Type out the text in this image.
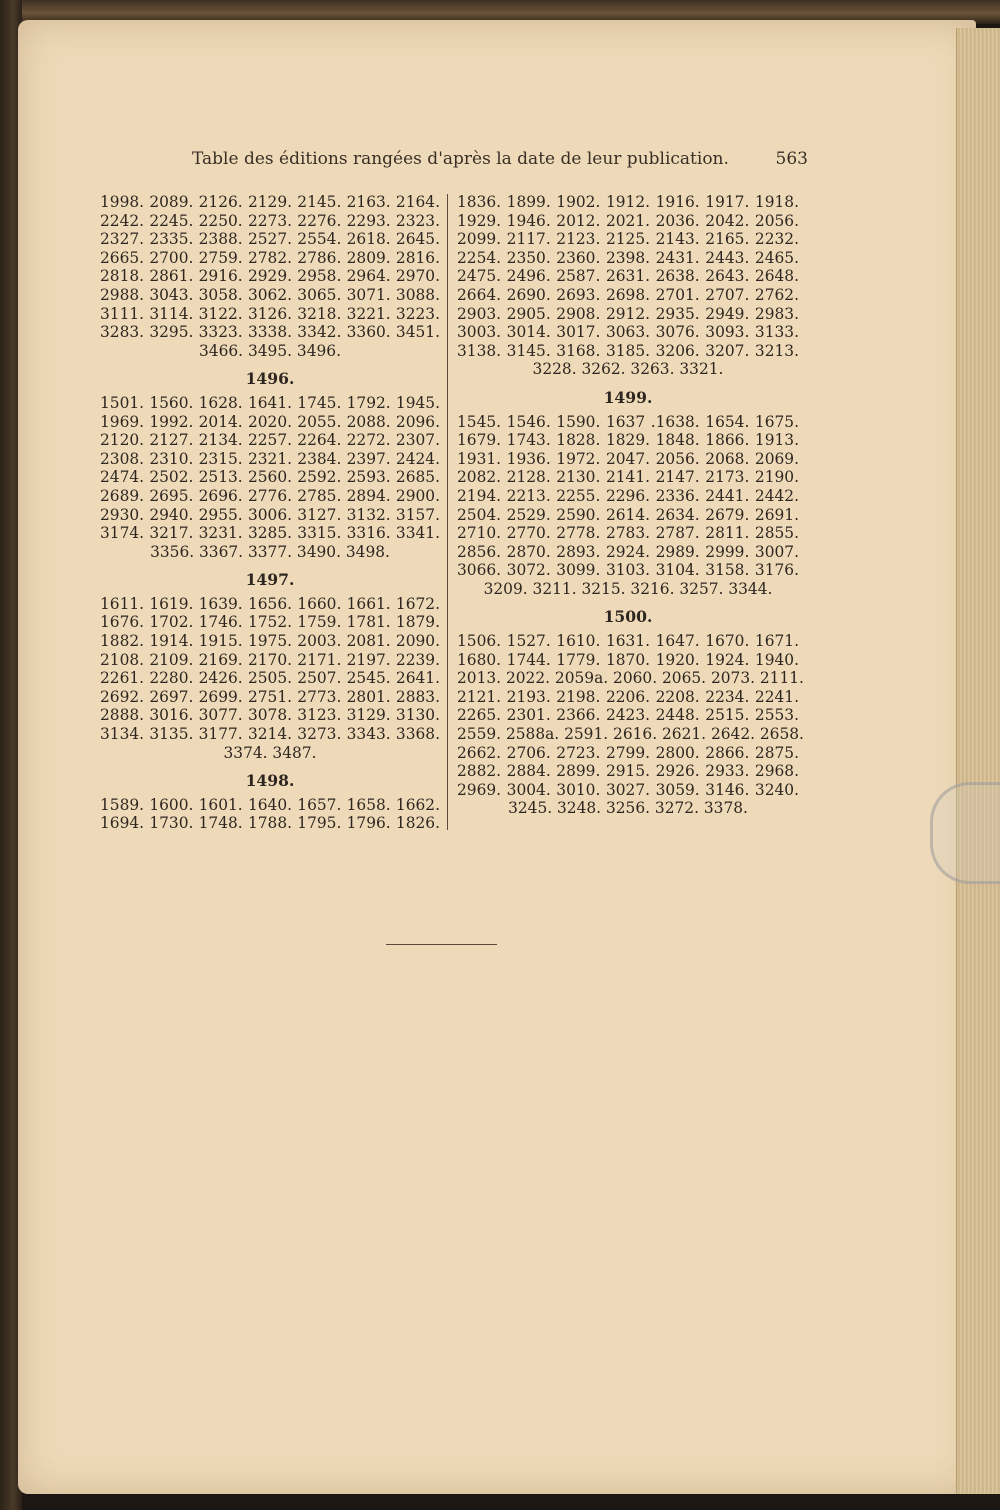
Table des éditions rangées d'après la date de leur publication.	563
1998. 2089. 2126. 2129. 2145. 2163. 2164.
2242. 2245. 2250. 2273. 2276. 2293. 2323.
2327. 2335. 2388. 2527. 2554. 2618. 2645.
2665. 2700. 2759. 2782. 2786. 2809. 2816.
2818. 2861. 2916. 2929. 2958. 2964. 2970.
2988. 3043. 3058. 3062. 3065. 3071. 3088.
3111. 3114. 3122. 3126. 3218. 3221. 3223.
3283. 3295. 3323. 3338. 3342. 3360. 3451.
3466. 3495. 3496.
1496.
1501. 1560. 1628. 1641. 1745. 1792. 1945.
1969. 1992. 2014. 2020. 2055. 2088. 2096.
2120. 2127. 2134. 2257. 2264. 2272. 2307.
2308. 2310. 2315. 2321. 2384. 2397. 2424.
2474. 2502. 2513. 2560. 2592. 2593. 2685.
2689. 2695. 2696. 2776. 2785. 2894. 2900.
2930. 2940. 2955. 3006. 3127. 3132. 3157.
3174. 3217. 3231. 3285. 3315. 3316. 3341.
3356. 3367. 3377. 3490. 3498.
1497.
1611. 1619. 1639. 1656. 1660. 1661. 1672.
1676. 1702. 1746. 1752. 1759. 1781. 1879.
1882. 1914. 1915. 1975. 2003. 2081. 2090.
2108. 2109. 2169. 2170. 2171. 2197. 2239.
2261. 2280. 2426. 2505. 2507. 2545. 2641.
2692. 2697. 2699. 2751. 2773. 2801. 2883.
2888. 3016. 3077. 3078. 3123. 3129. 3130.
3134. 3135. 3177. 3214. 3273. 3343. 3368.
3374. 3487.
1498.
1589. 1600. 1601. 1640. 1657. 1658. 1662.
1694. 1730. 1748. 1788. 1795. 1796. 1826.
1836. 1899. 1902. 1912. 1916. 1917. 1918.
1929. 1946. 2012. 2021. 2036. 2042. 2056.
2099. 2117. 2123. 2125. 2143. 2165. 2232.
2254. 2350. 2360. 2398. 2431. 2443. 2465.
2475. 2496. 2587. 2631. 2638. 2643. 2648.
2664. 2690. 2693. 2698. 2701. 2707. 2762.
2903. 2905. 2908. 2912. 2935. 2949. 2983.
3003. 3014. 3017. 3063. 3076. 3093. 3133.
3138. 3145. 3168. 3185. 3206. 3207. 3213.
3228. 3262. 3263. 3321.
1499.
1545. 1546. 1590. 1637 .1638. 1654. 1675.
1679. 1743. 1828. 1829. 1848. 1866. 1913.
1931. 1936. 1972. 2047. 2056. 2068. 2069.
2082. 2128. 2130. 2141. 2147. 2173. 2190.
2194. 2213. 2255. 2296. 2336. 2441. 2442.
2504. 2529. 2590. 2614. 2634. 2679. 2691.
2710. 2770. 2778. 2783. 2787. 2811. 2855.
2856. 2870. 2893. 2924. 2989. 2999. 3007.
3066. 3072. 3099. 3103. 3104. 3158. 3176.
3209. 3211. 3215. 3216. 3257. 3344.
1500.
1506. 1527. 1610. 1631. 1647. 1670. 1671.
1680. 1744. 1779. 1870. 1920. 1924. 1940.
2013. 2022. 2059a. 2060. 2065. 2073. 2111.
2121. 2193. 2198. 2206. 2208. 2234. 2241.
2265. 2301. 2366. 2423. 2448. 2515. 2553.
2559. 2588a. 2591. 2616. 2621. 2642. 2658.
2662. 2706. 2723. 2799. 2800. 2866. 2875.
2882. 2884. 2899. 2915. 2926. 2933. 2968.
2969. 3004. 3010. 3027. 3059. 3146. 3240.
3245. 3248. 3256. 3272. 3378.
